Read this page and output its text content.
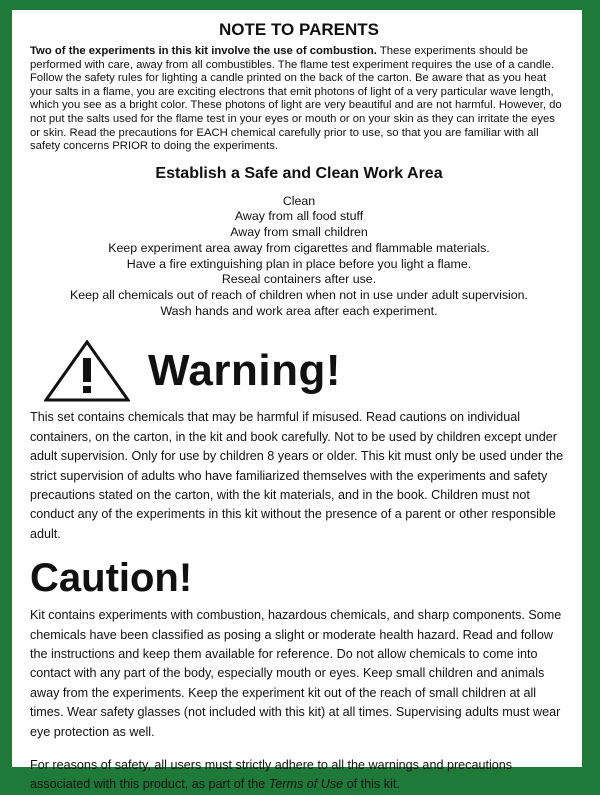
NOTE TO PARENTS

Two of the experiments in this kit involve the use of combustion. These experiments should be performed with care, away from all combustibles. The flame test experiment requires the use of a candle. Follow the safety rules for lighting a candle printed on the back of the carton. Be aware that as you heat your salts in a flame, you are exciting electrons that emit photons of light of a very particular wave length, which you see as a bright color. These photons of light are very beautiful and are not harmful. However, do not put the salts used for the flame test in your eyes or mouth or on your skin as they can irritate the eyes or skin. Read the precautions for EACH chemical carefully prior to use, so that you are familiar with all safety concerns PRIOR to doing the experiments.

Establish a Safe and Clean Work Area
Clean
Away from all food stuff
Away from small children
Keep experiment area away from cigarettes and flammable materials.
Have a fire extinguishing plan in place before you light a flame.
Reseal containers after use.
Keep all chemicals out of reach of children when not in use under adult supervision.
Wash hands and work area after each experiment.
Warning!

This set contains chemicals that may be harmful if misused. Read cautions on individual containers, on the carton, in the kit and book carefully. Not to be used by children except under adult supervision. Only for use by children 8 years or older. This kit must only be used under the strict supervision of adults who have familiarized themselves with the experiments and safety precautions stated on the carton, with the kit materials, and in the book. Children must not conduct any of the experiments in this kit without the presence of a parent or other responsible adult.

Caution!

Kit contains experiments with combustion, hazardous chemicals, and sharp components. Some chemicals have been classified as posing a slight or moderate health hazard. Read and follow the instructions and keep them available for reference. Do not allow chemicals to come into contact with any part of the body, especially mouth or eyes. Keep small children and animals away from the experiments. Keep the experiment kit out of the reach of small children at all times. Wear safety glasses (not included with this kit) at all times. Supervising adults must wear eye protection as well.

For reasons of safety, all users must strictly adhere to all the warnings and precautions associated with this product, as part of the Terms of Use of this kit.
